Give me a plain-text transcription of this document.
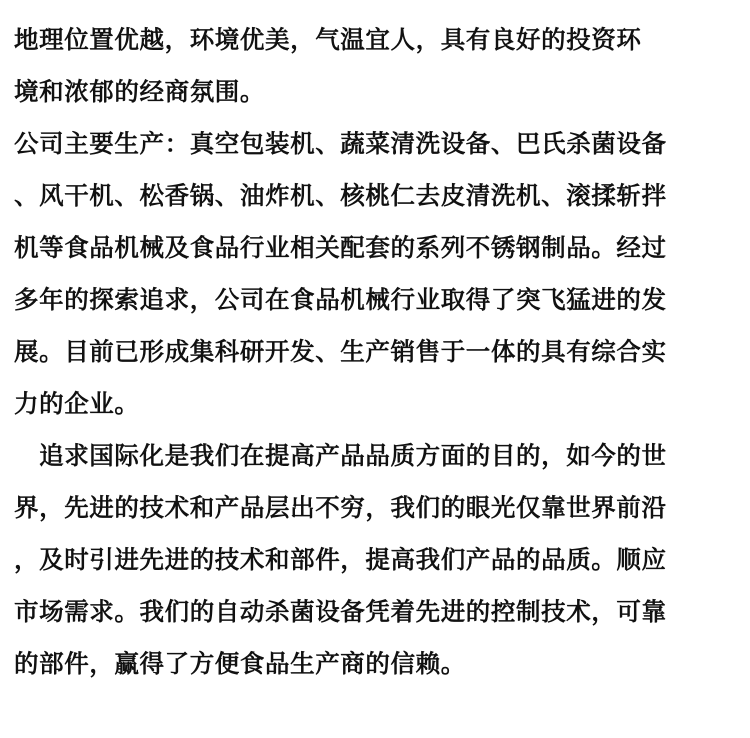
地理位置优越，环境优美，气温宜人，具有良好的投资环
境和浓郁的经商氛围。
公司主要生产：真空包装机、蔬菜清洗设备、巴氏杀菌设备
、风干机、松香锅、油炸机、核桃仁去皮清洗机、滚揉斩拌
机等食品机械及食品行业相关配套的系列不锈钢制品。经过
多年的探索追求，公司在食品机械行业取得了突飞猛进的发
展。目前已形成集科研开发、生产销售于一体的具有综合实
力的企业。
　追求国际化是我们在提高产品品质方面的目的，如今的世
界，先进的技术和产品层出不穷，我们的眼光仅靠世界前沿
，及时引进先进的技术和部件，提高我们产品的品质。顺应
市场需求。我们的自动杀菌设备凭着先进的控制技术，可靠
的部件，赢得了方便食品生产商的信赖。
